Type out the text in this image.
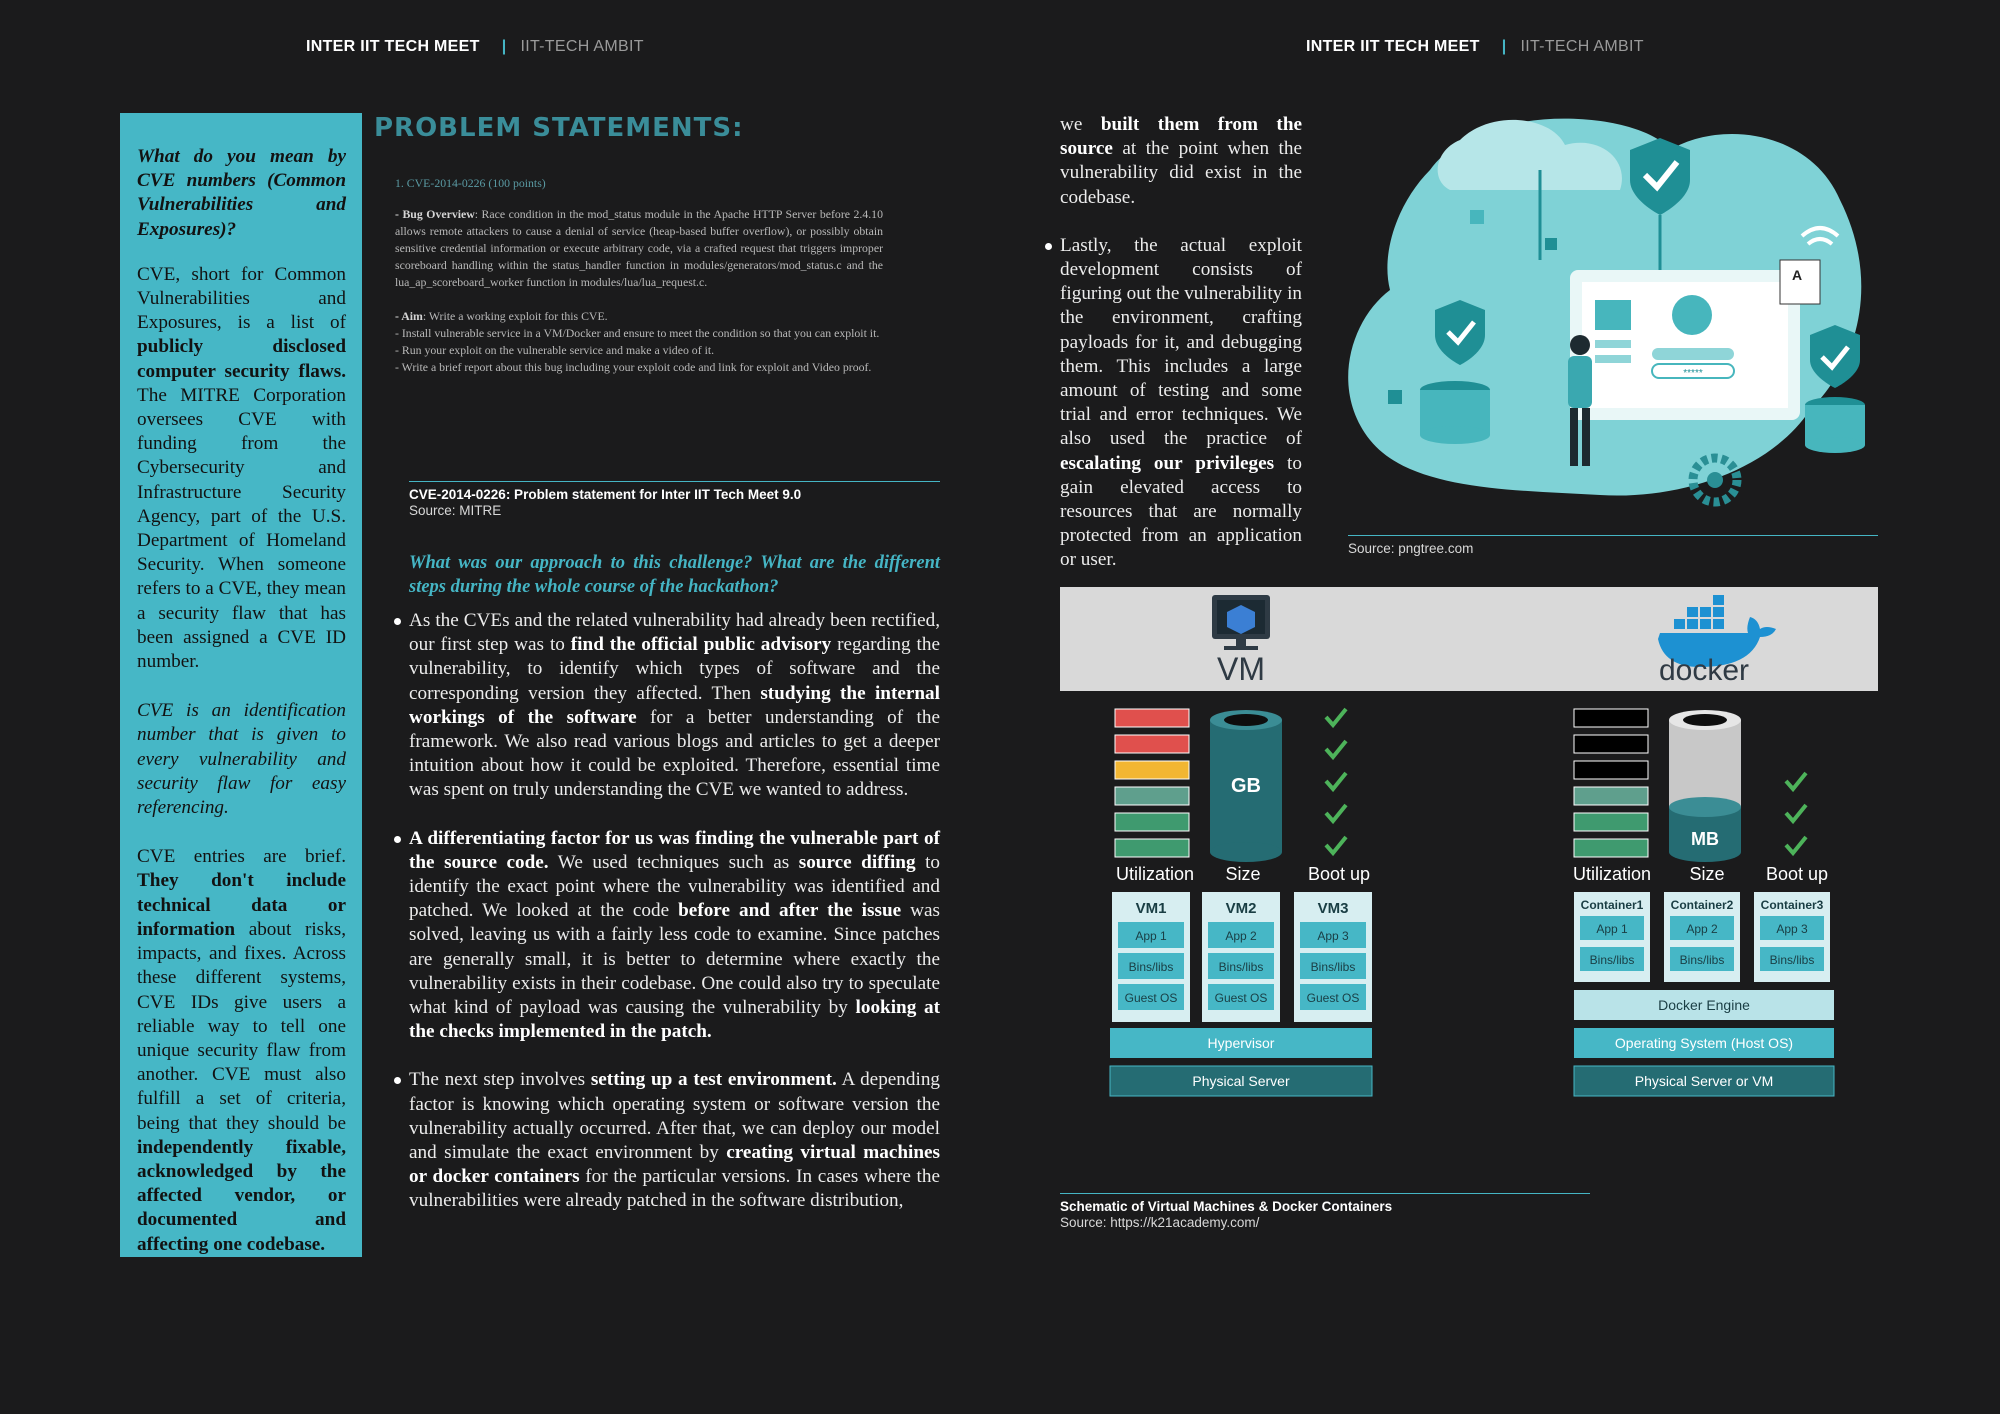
INTER IIT TECH MEET | IIT-TECH AMBIT	INTER IIT TECH MEET | IIT-TECH AMBIT

What do you mean by CVE numbers (Common Vulnerabilities and Exposures)?

CVE, short for Common Vulnerabilities and Exposures, is a list of publicly disclosed computer security flaws. The MITRE Corporation oversees CVE with funding from the Cybersecurity and Infrastructure Security Agency, part of the U.S. Department of Homeland Security. When someone refers to a CVE, they mean a security flaw that has been assigned a CVE ID number.

CVE is an identification number that is given to every vulnerability and security flaw for easy referencing.

CVE entries are brief. They don't include technical data or information about risks, impacts, and fixes. Across these different systems, CVE IDs give users a reliable way to tell one unique security flaw from another. CVE must also fulfill a set of criteria, being that they should be independently fixable, acknowledged by the affected vendor, or documented and affecting one codebase.

PROBLEM STATEMENTS:
1. CVE-2014-0226 (100 points)

- Bug Overview: Race condition in the mod_status module in the Apache HTTP Server before 2.4.10 allows remote attackers to cause a denial of service (heap-based buffer overflow), or possibly obtain sensitive credential information or execute arbitrary code, via a crafted request that triggers improper scoreboard handling within the status_handler function in modules/generators/mod_status.c and the lua_ap_scoreboard_worker function in modules/lua/lua_request.c.

- Aim: Write a working exploit for this CVE.

- Install vulnerable service in a VM/Docker and ensure to meet the condition so that you can exploit it.

- Run your exploit on the vulnerable service and make a video of it.

- Write a brief report about this bug including your exploit code and link for exploit and Video proof.

CVE-2014-0226: Problem statement for Inter IIT Tech Meet 9.0
Source: MITRE
What was our approach to this challenge? What are the different steps during the whole course of the hackathon?
As the CVEs and the related vulnerability had already been rectified, our first step was to find the official public advisory regarding the vulnerability, to identify which types of software and the corresponding version they affected. Then studying the internal workings of the software for a better understanding of the framework. We also read various blogs and articles to get a deeper intuition about how it could be exploited. Therefore, essential time was spent on truly understanding the CVE we wanted to address.
A differentiating factor for us was finding the vulnerable part of the source code. We used techniques such as source diffing to identify the exact point where the vulnerability was identified and patched. We looked at the code before and after the issue was solved, leaving us with a fairly less code to examine. Since patches are generally small, it is better to determine where exactly the vulnerability exists in their codebase. One could also try to speculate what kind of payload was causing the vulnerability by looking at the checks implemented in the patch.
The next step involves setting up a test environment. A depending factor is knowing which operating system or software version the vulnerability actually occurred. After that, we can deploy our model and simulate the exact environment by creating virtual machines or docker containers for the particular versions. In cases where the vulnerabilities were already patched in the software distribution,

we built them from the source at the point when the vulnerability did exist in the codebase.

Lastly, the actual exploit development consists of figuring out the vulnerability in the environment, crafting payloads for it, and debugging them. This includes a large amount of testing and some trial and error techniques. We also used the practice of escalating our privileges to gain elevated access to resources that are normally protected from an application or user.

*****
A
Source: pngtree.com
VM	docker
GB
Utilization Size	Boot up
VM1
App 1
Bins/libs
Guest OS
VM2
App 2
Bins/libs
Guest OS
VM3
App 3
Bins/libs
Guest OS
Hypervisor
Physical Server
MB
Utilization Size Boot up
Container1
App 1
Bins/libs
Container2
App 2
Bins/libs
Container3
App 3
Bins/libs
Docker Engine
Operating System (Host OS)
Physical Server or VM
Schematic of Virtual Machines & Docker Containers
Source: https://k21academy.com/
